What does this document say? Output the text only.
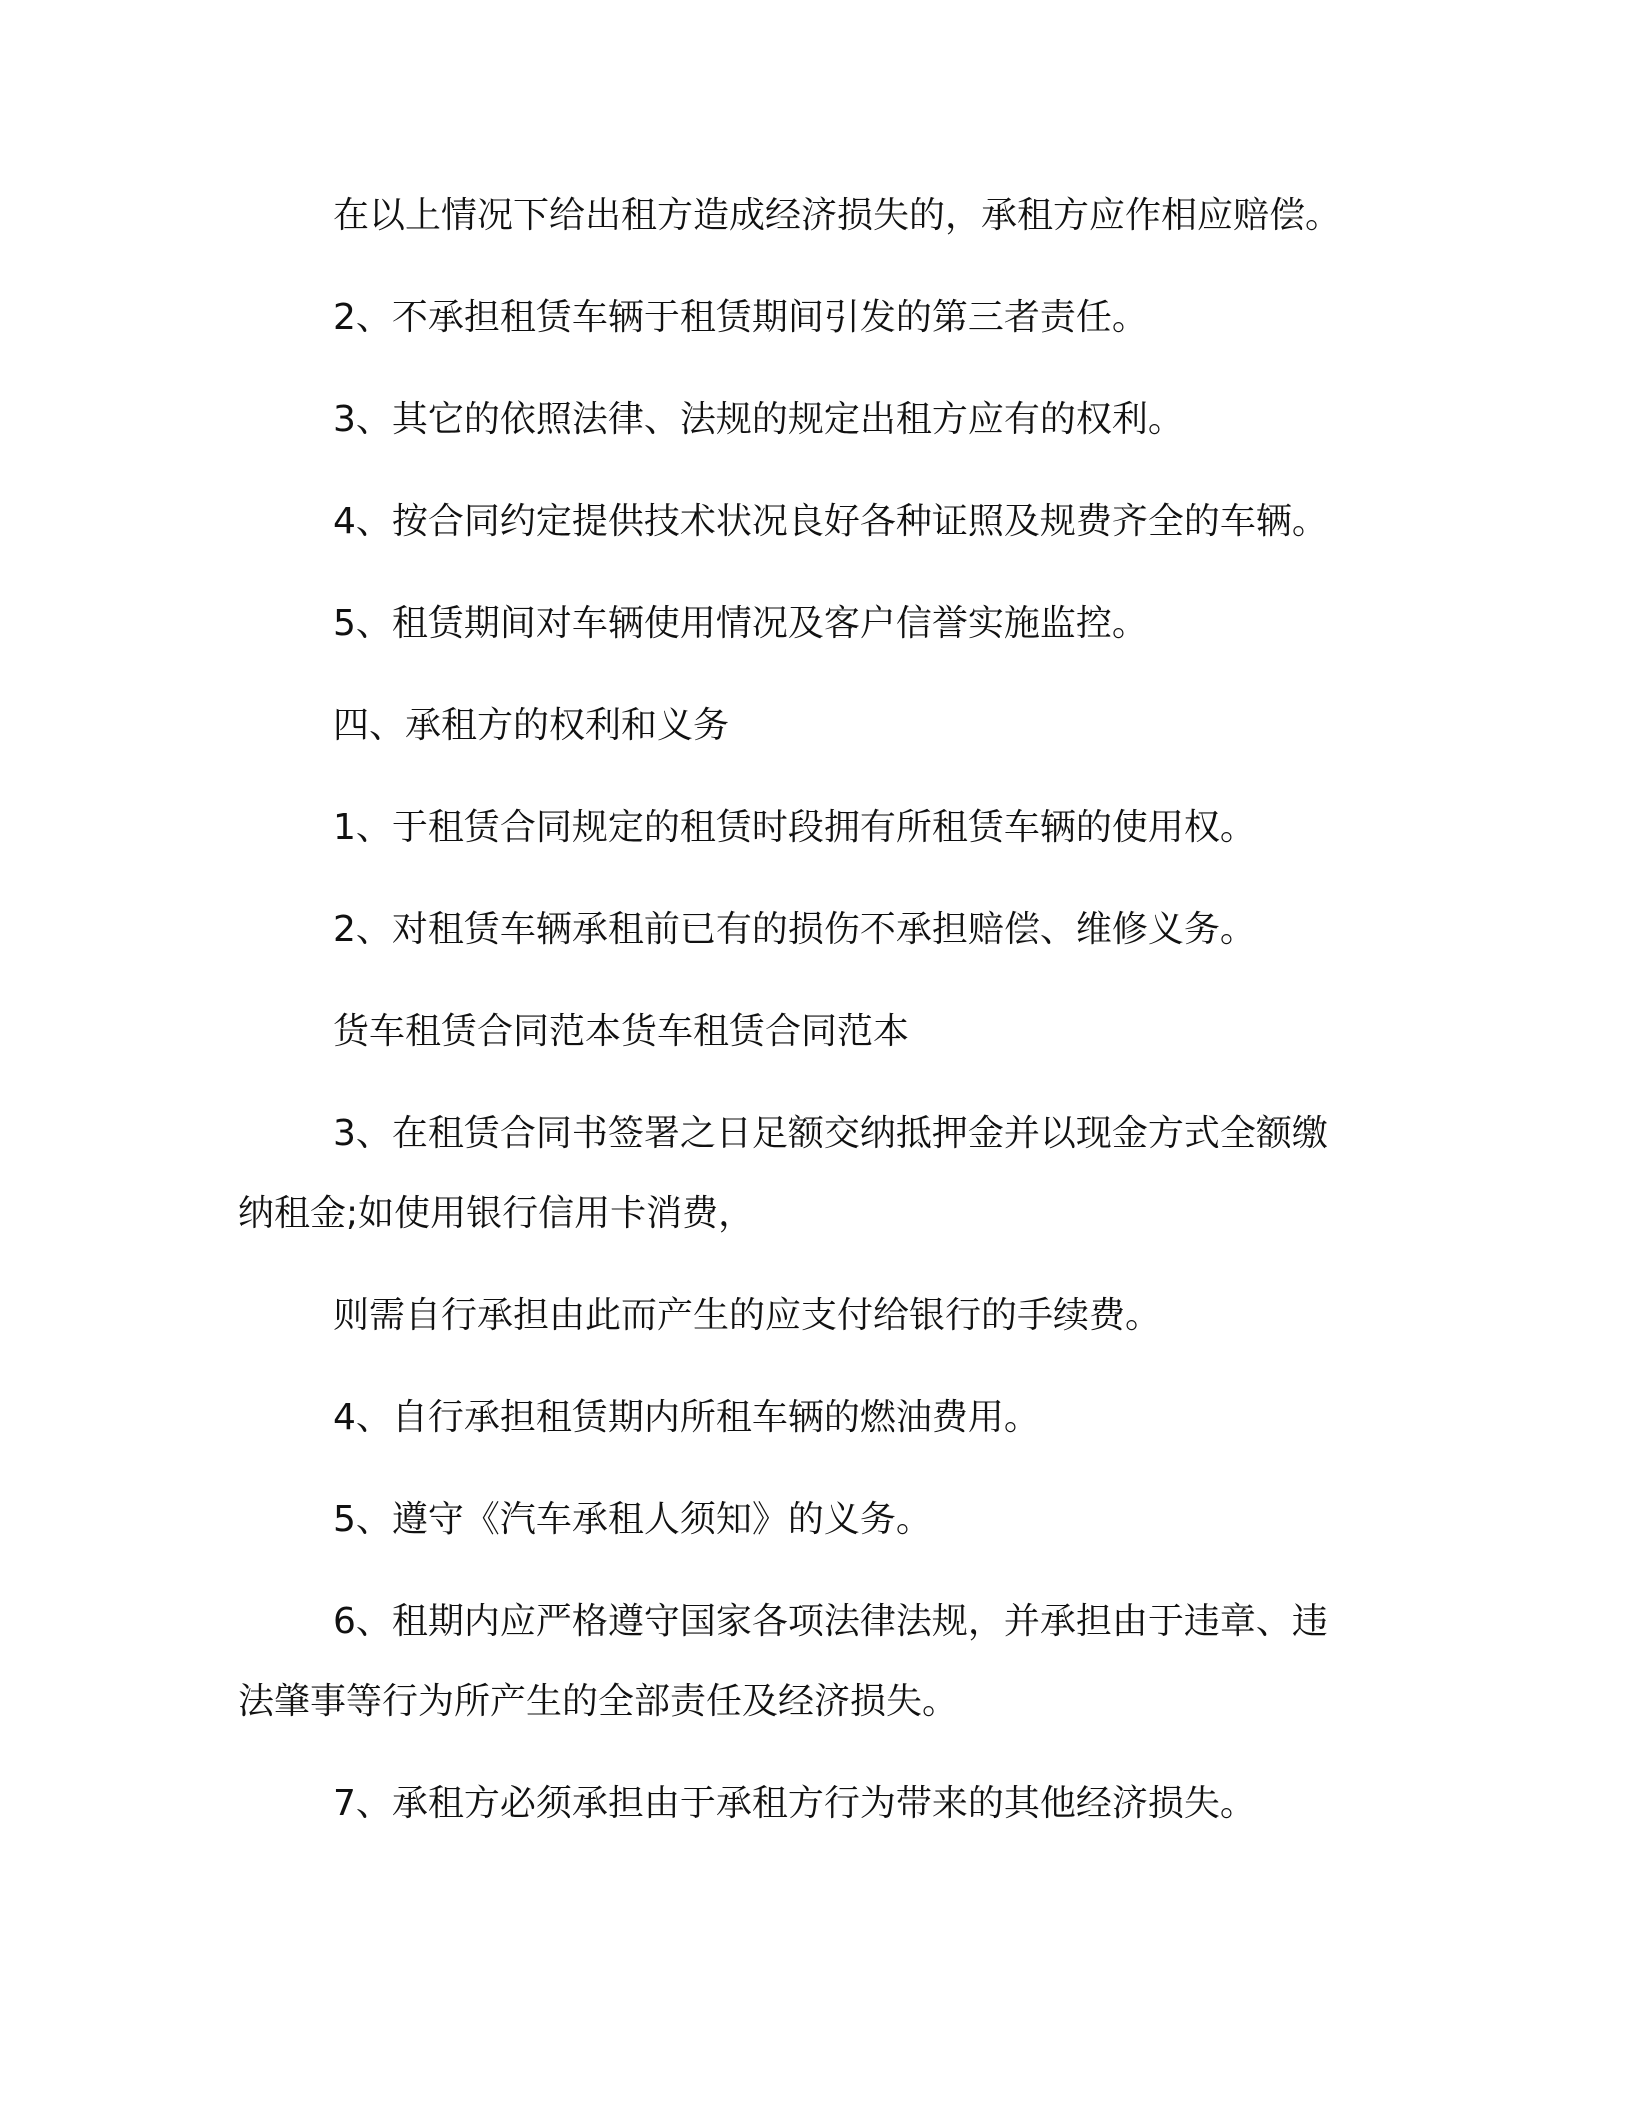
在以上情况下给出租方造成经济损失的，承租方应作相应赔偿。

2、不承担租赁车辆于租赁期间引发的第三者责任。

3、其它的依照法律、法规的规定出租方应有的权利。

4、按合同约定提供技术状况良好各种证照及规费齐全的车辆。

5、租赁期间对车辆使用情况及客户信誉实施监控。

四、承租方的权利和义务

1、于租赁合同规定的租赁时段拥有所租赁车辆的使用权。

2、对租赁车辆承租前已有的损伤不承担赔偿、维修义务。

货车租赁合同范本货车租赁合同范本

3、在租赁合同书签署之日足额交纳抵押金并以现金方式全额缴

纳租金;如使用银行信用卡消费，

则需自行承担由此而产生的应支付给银行的手续费。

4、自行承担租赁期内所租车辆的燃油费用。

5、遵守《汽车承租人须知》的义务。

6、租期内应严格遵守国家各项法律法规，并承担由于违章、违

法肇事等行为所产生的全部责任及经济损失。

7、承租方必须承担由于承租方行为带来的其他经济损失。
